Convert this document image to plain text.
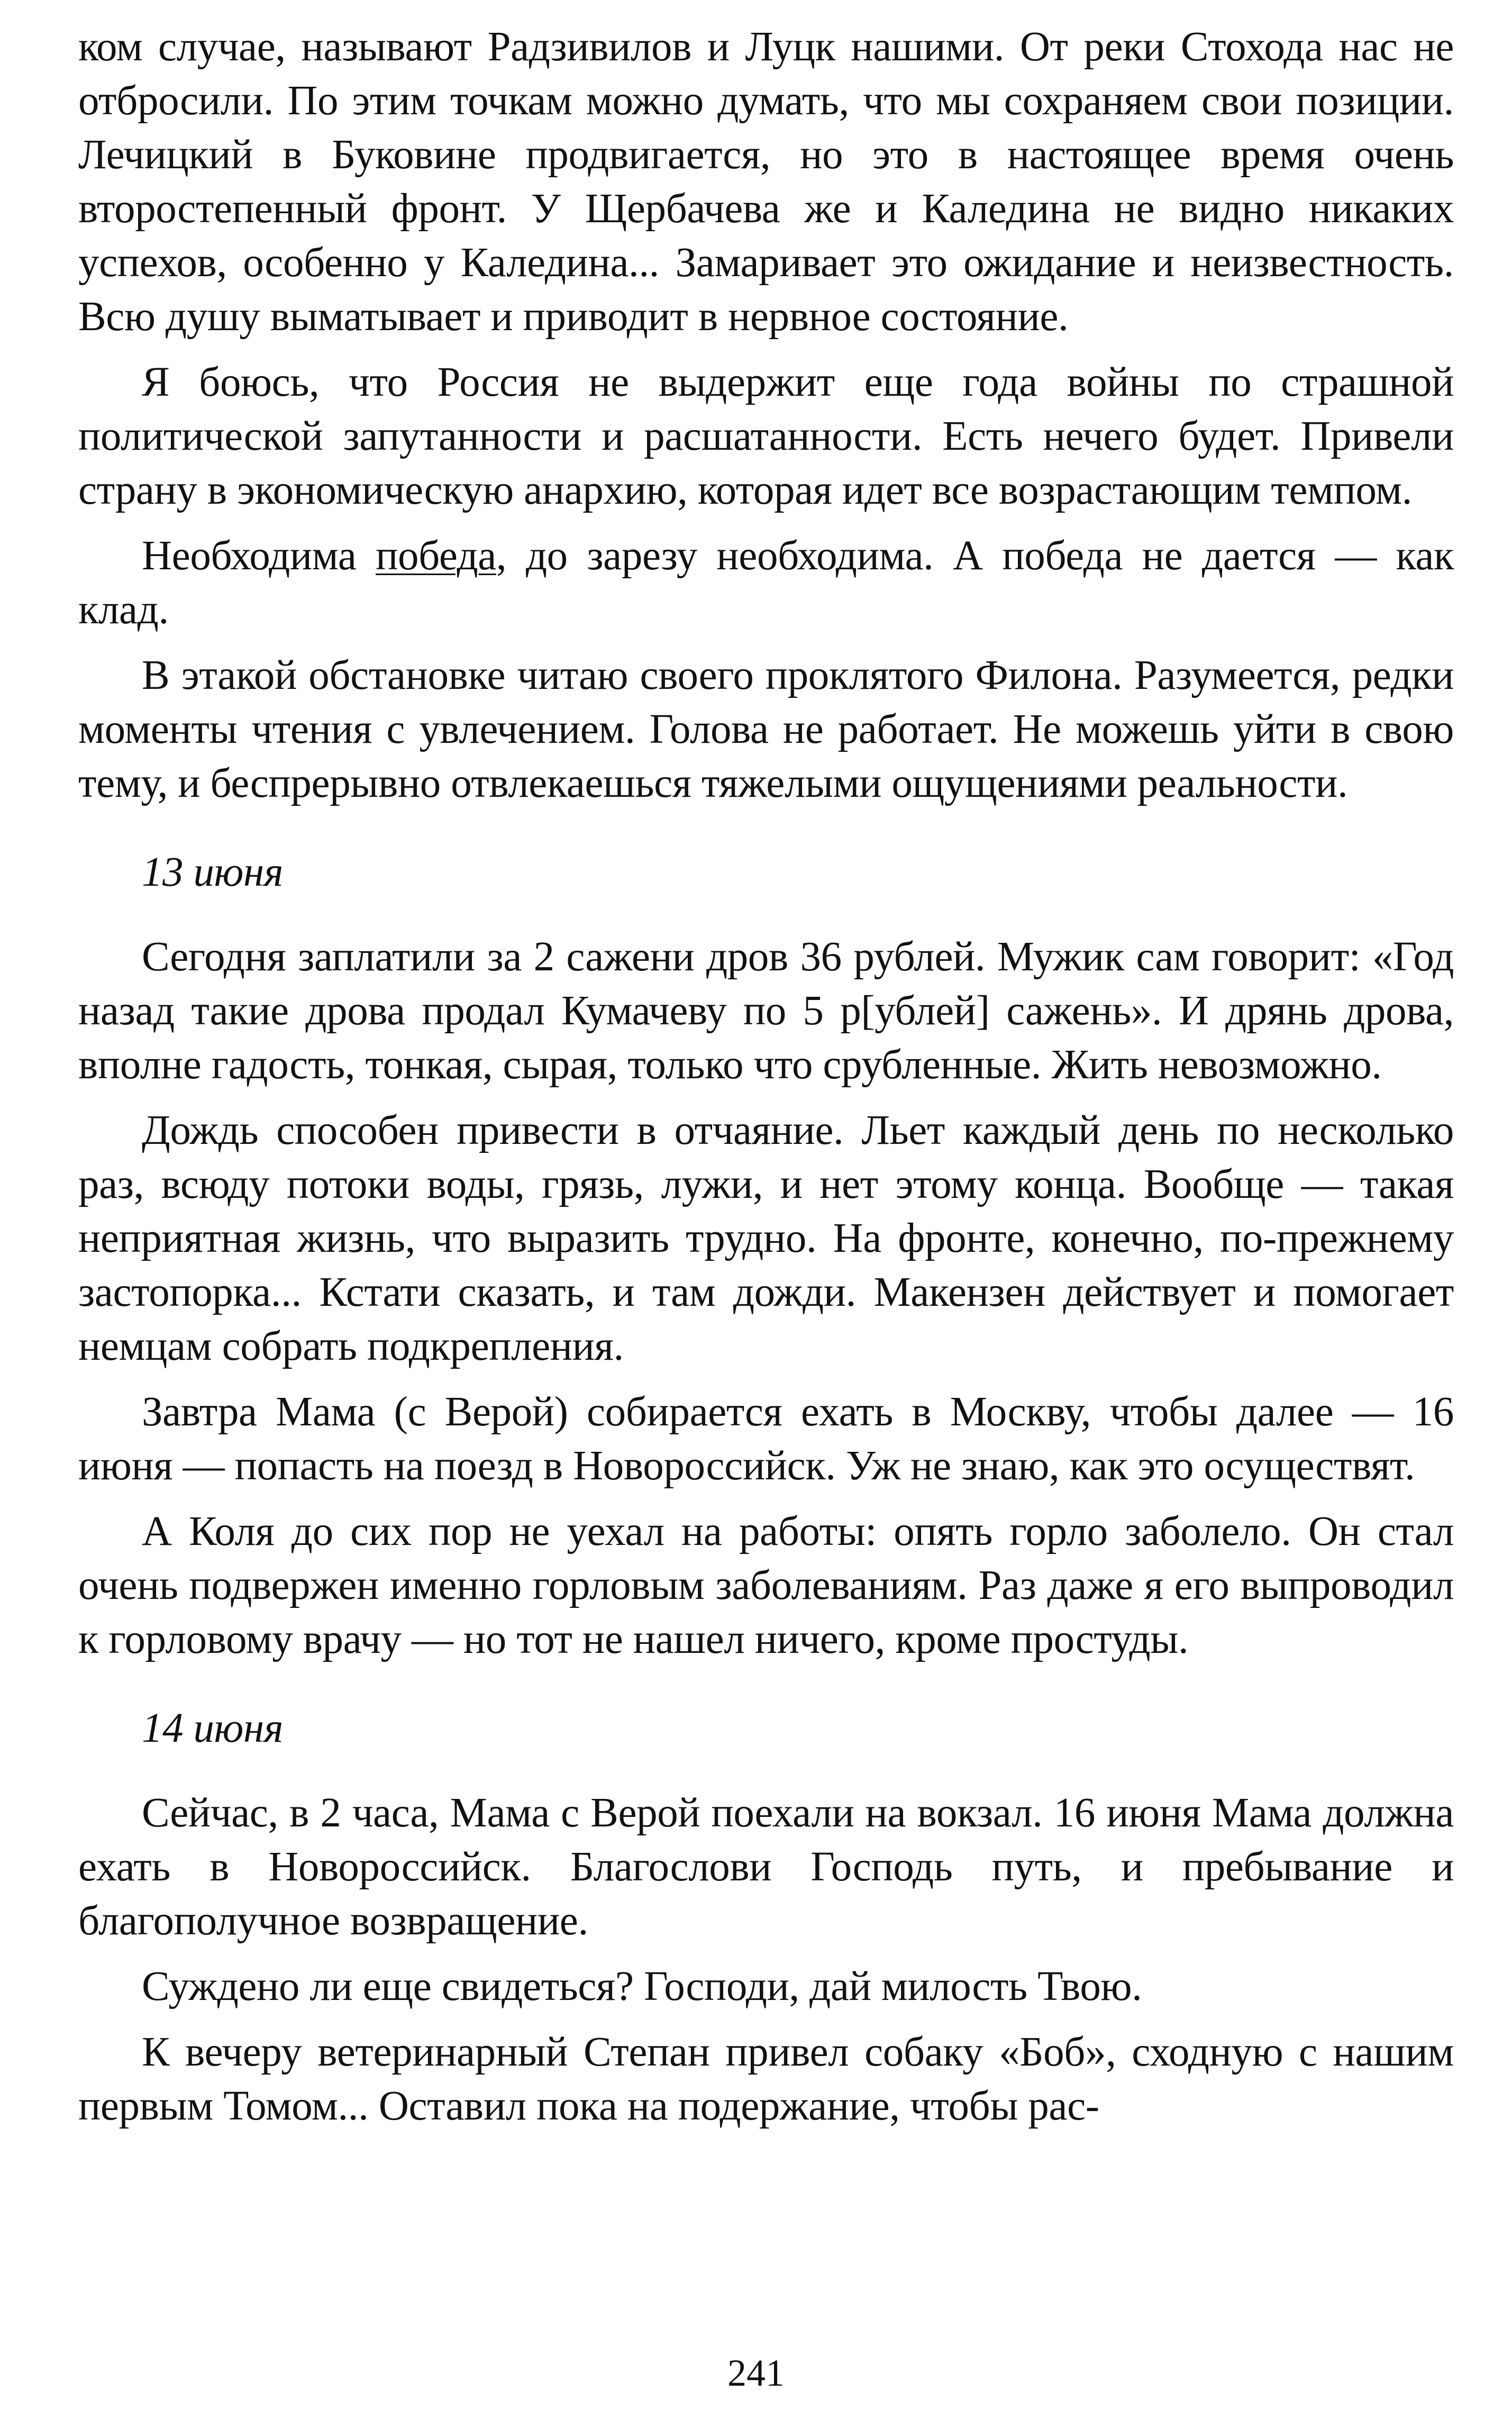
ком случае, называют Радзивилов и Луцк нашими. От реки Стохода нас не отбросили. По этим точкам можно думать, что мы сохраняем свои позиции. Лечицкий в Буковине продвигается, но это в настоящее время очень второстепенный фронт. У Щербачева же и Каледина не видно никаких успехов, особенно у Каледина... Замаривает это ожидание и неизвестность. Всю душу выматывает и приводит в нервное состояние.

Я боюсь, что Россия не выдержит еще года войны по страшной политической запутанности и расшатанности. Есть нечего будет. Привели страну в экономическую анархию, которая идет все возрастающим темпом.

Необходима победа, до зарезу необходима. А победа не дается — как клад.

В этакой обстановке читаю своего проклятого Филона. Разумеется, редки моменты чтения с увлечением. Голова не работает. Не можешь уйти в свою тему, и беспрерывно отвлекаешься тяжелыми ощущениями реальности.

13 июня

Сегодня заплатили за 2 сажени дров 36 рублей. Мужик сам говорит: «Год назад такие дрова продал Кумачеву по 5 р[ублей] сажень». И дрянь дрова, вполне гадость, тонкая, сырая, только что срубленные. Жить невозможно.

Дождь способен привести в отчаяние. Льет каждый день по несколько раз, всюду потоки воды, грязь, лужи, и нет этому конца. Вообще — такая неприятная жизнь, что выразить трудно. На фронте, конечно, по-прежнему застопорка... Кстати сказать, и там дожди. Макензен действует и помогает немцам собрать подкрепления.

Завтра Мама (с Верой) собирается ехать в Москву, чтобы далее — 16 июня — попасть на поезд в Новороссийск. Уж не знаю, как это осуществят.

А Коля до сих пор не уехал на работы: опять горло заболело. Он стал очень подвержен именно горловым заболеваниям. Раз даже я его выпроводил к горловому врачу — но тот не нашел ничего, кроме простуды.

14 июня

Сейчас, в 2 часа, Мама с Верой поехали на вокзал. 16 июня Мама должна ехать в Новороссийск. Благослови Господь путь, и пребывание и благополучное возвращение.

Суждено ли еще свидеться? Господи, дай милость Твою.

К вечеру ветеринарный Степан привел собаку «Боб», сходную с нашим первым Томом... Оставил пока на подержание, чтобы рас-

241
